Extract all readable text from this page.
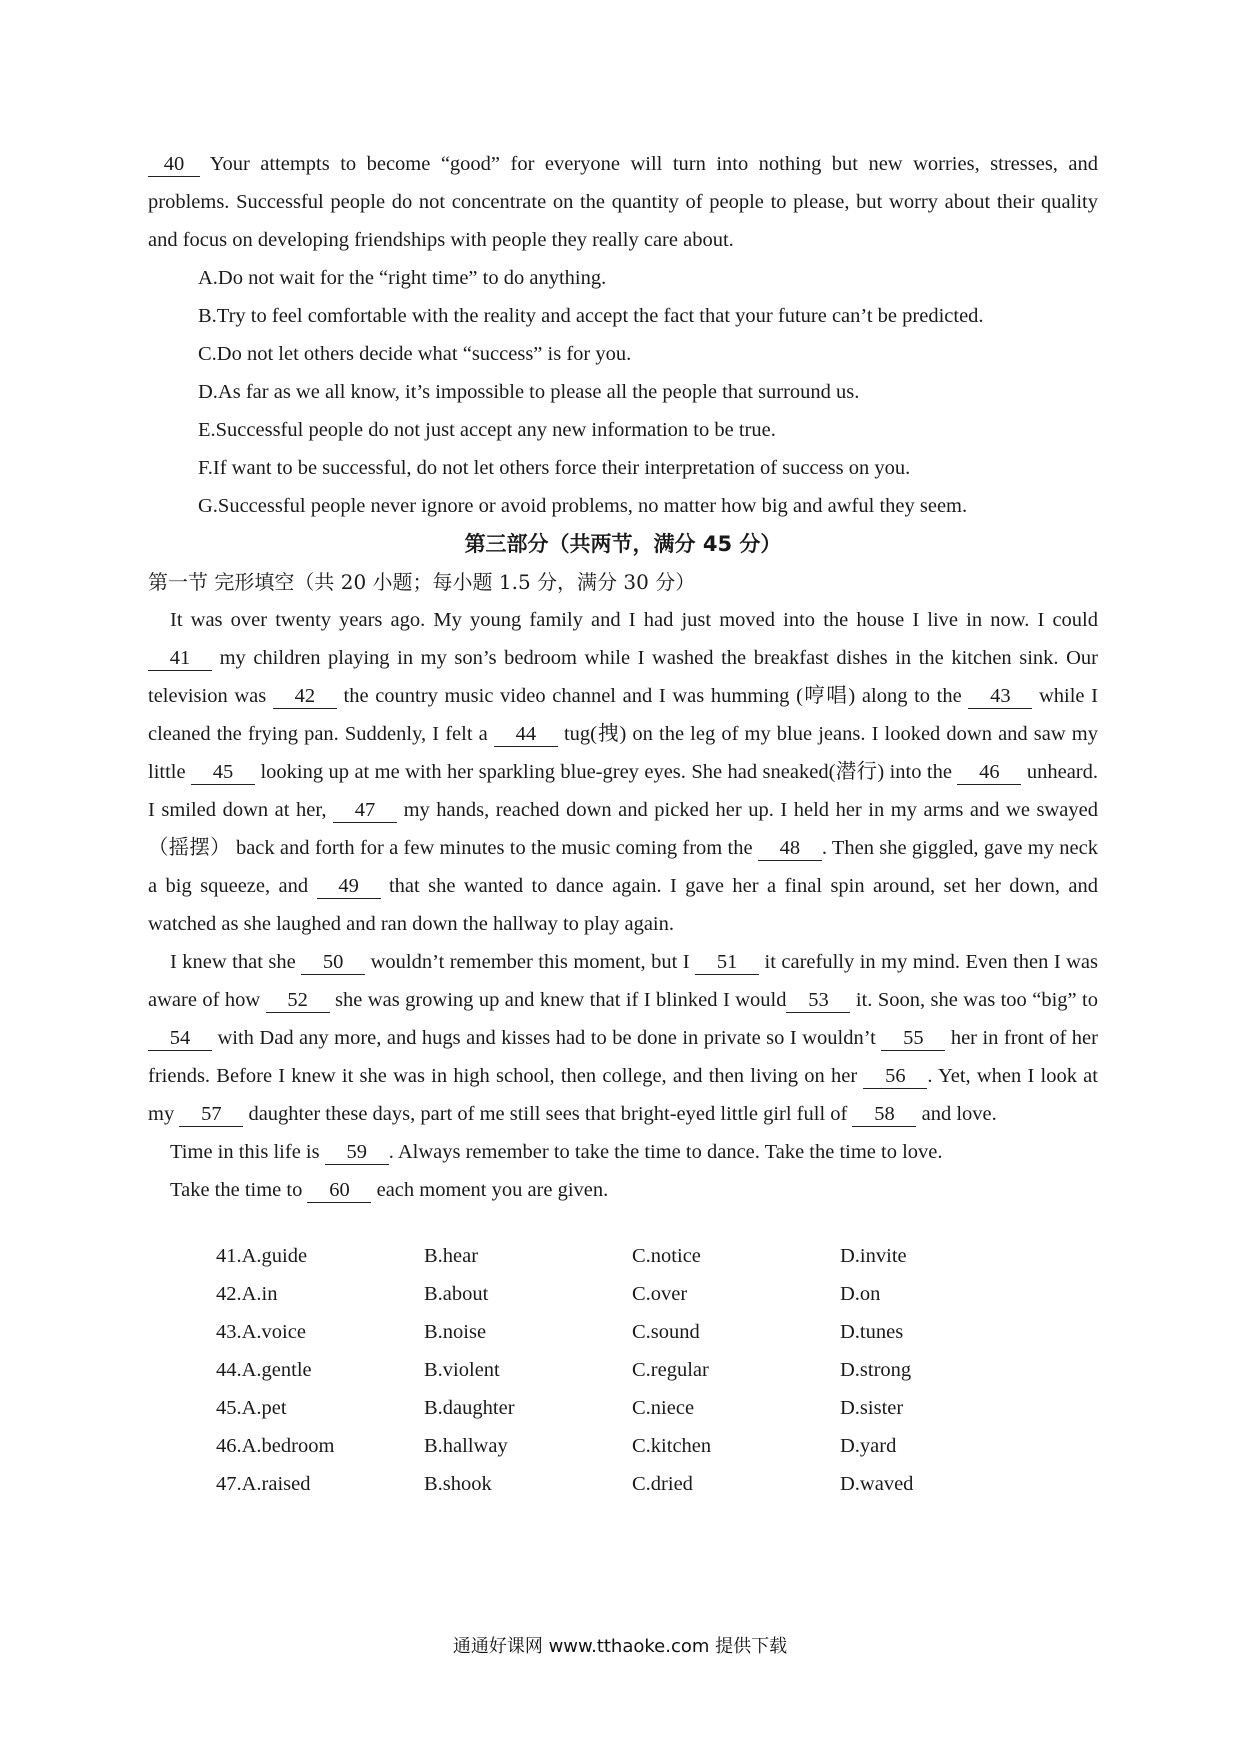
40 Your attempts to become “good” for everyone will turn into nothing but new worries, stresses, and problems. Successful people do not concentrate on the quantity of people to please, but worry about their quality and focus on developing friendships with people they really care about.

A.Do not wait for the “right time” to do anything.
B.Try to feel comfortable with the reality and accept the fact that your future can’t be predicted.
C.Do not let others decide what “success” is for you.
D.As far as we all know, it’s impossible to please all the people that surround us.
E.Successful people do not just accept any new information to be true.
F.If want to be successful, do not let others force their interpretation of success on you.
G.Successful people never ignore or avoid problems, no matter how big and awful they seem.

第三部分（共两节，满分 45 分）

第一节 完形填空（共 20 小题；每小题 1.5 分，满分 30 分）

It was over twenty years ago. My young family and I had just moved into the house I live in now. I could 41 my children playing in my son’s bedroom while I washed the breakfast dishes in the kitchen sink. Our television was 42 the country music video channel and I was humming (哼唱) along to the 43 while I cleaned the frying pan. Suddenly, I felt a 44 tug(拽) on the leg of my blue jeans. I looked down and saw my little 45 looking up at me with her sparkling blue-grey eyes. She had sneaked(潜行) into the 46 unheard. I smiled down at her, 47 my hands, reached down and picked her up. I held her in my arms and we swayed（摇摆） back and forth for a few minutes to the music coming from the 48 . Then she giggled, gave my neck a big squeeze, and 49 that she wanted to dance again. I gave her a final spin around, set her down, and watched as she laughed and ran down the hallway to play again.

I knew that she 50 wouldn’t remember this moment, but I 51 it carefully in my mind. Even then I was aware of how 52 she was growing up and knew that if I blinked I would 53 it. Soon, she was too “big” to 54 with Dad any more, and hugs and kisses had to be done in private so I wouldn’t 55 her in front of her friends. Before I knew it she was in high school, then college, and then living on her 56 . Yet, when I look at my 57 daughter these days, part of me still sees that bright-eyed little girl full of 58 and love.

Time in this life is 59 . Always remember to take the time to dance. Take the time to love.

Take the time to 60 each moment you are given.

41.A.guide	B.hear	C.notice	D.invite
42.A.in	B.about	C.over	D.on
43.A.voice	B.noise	C.sound	D.tunes
44.A.gentle	B.violent	C.regular	D.strong
45.A.pet	B.daughter	C.niece	D.sister
46.A.bedroom	B.hallway	C.kitchen	D.yard
47.A.raised	B.shook	C.dried	D.waved
通通好课网 www.tthaoke.com 提供下载
